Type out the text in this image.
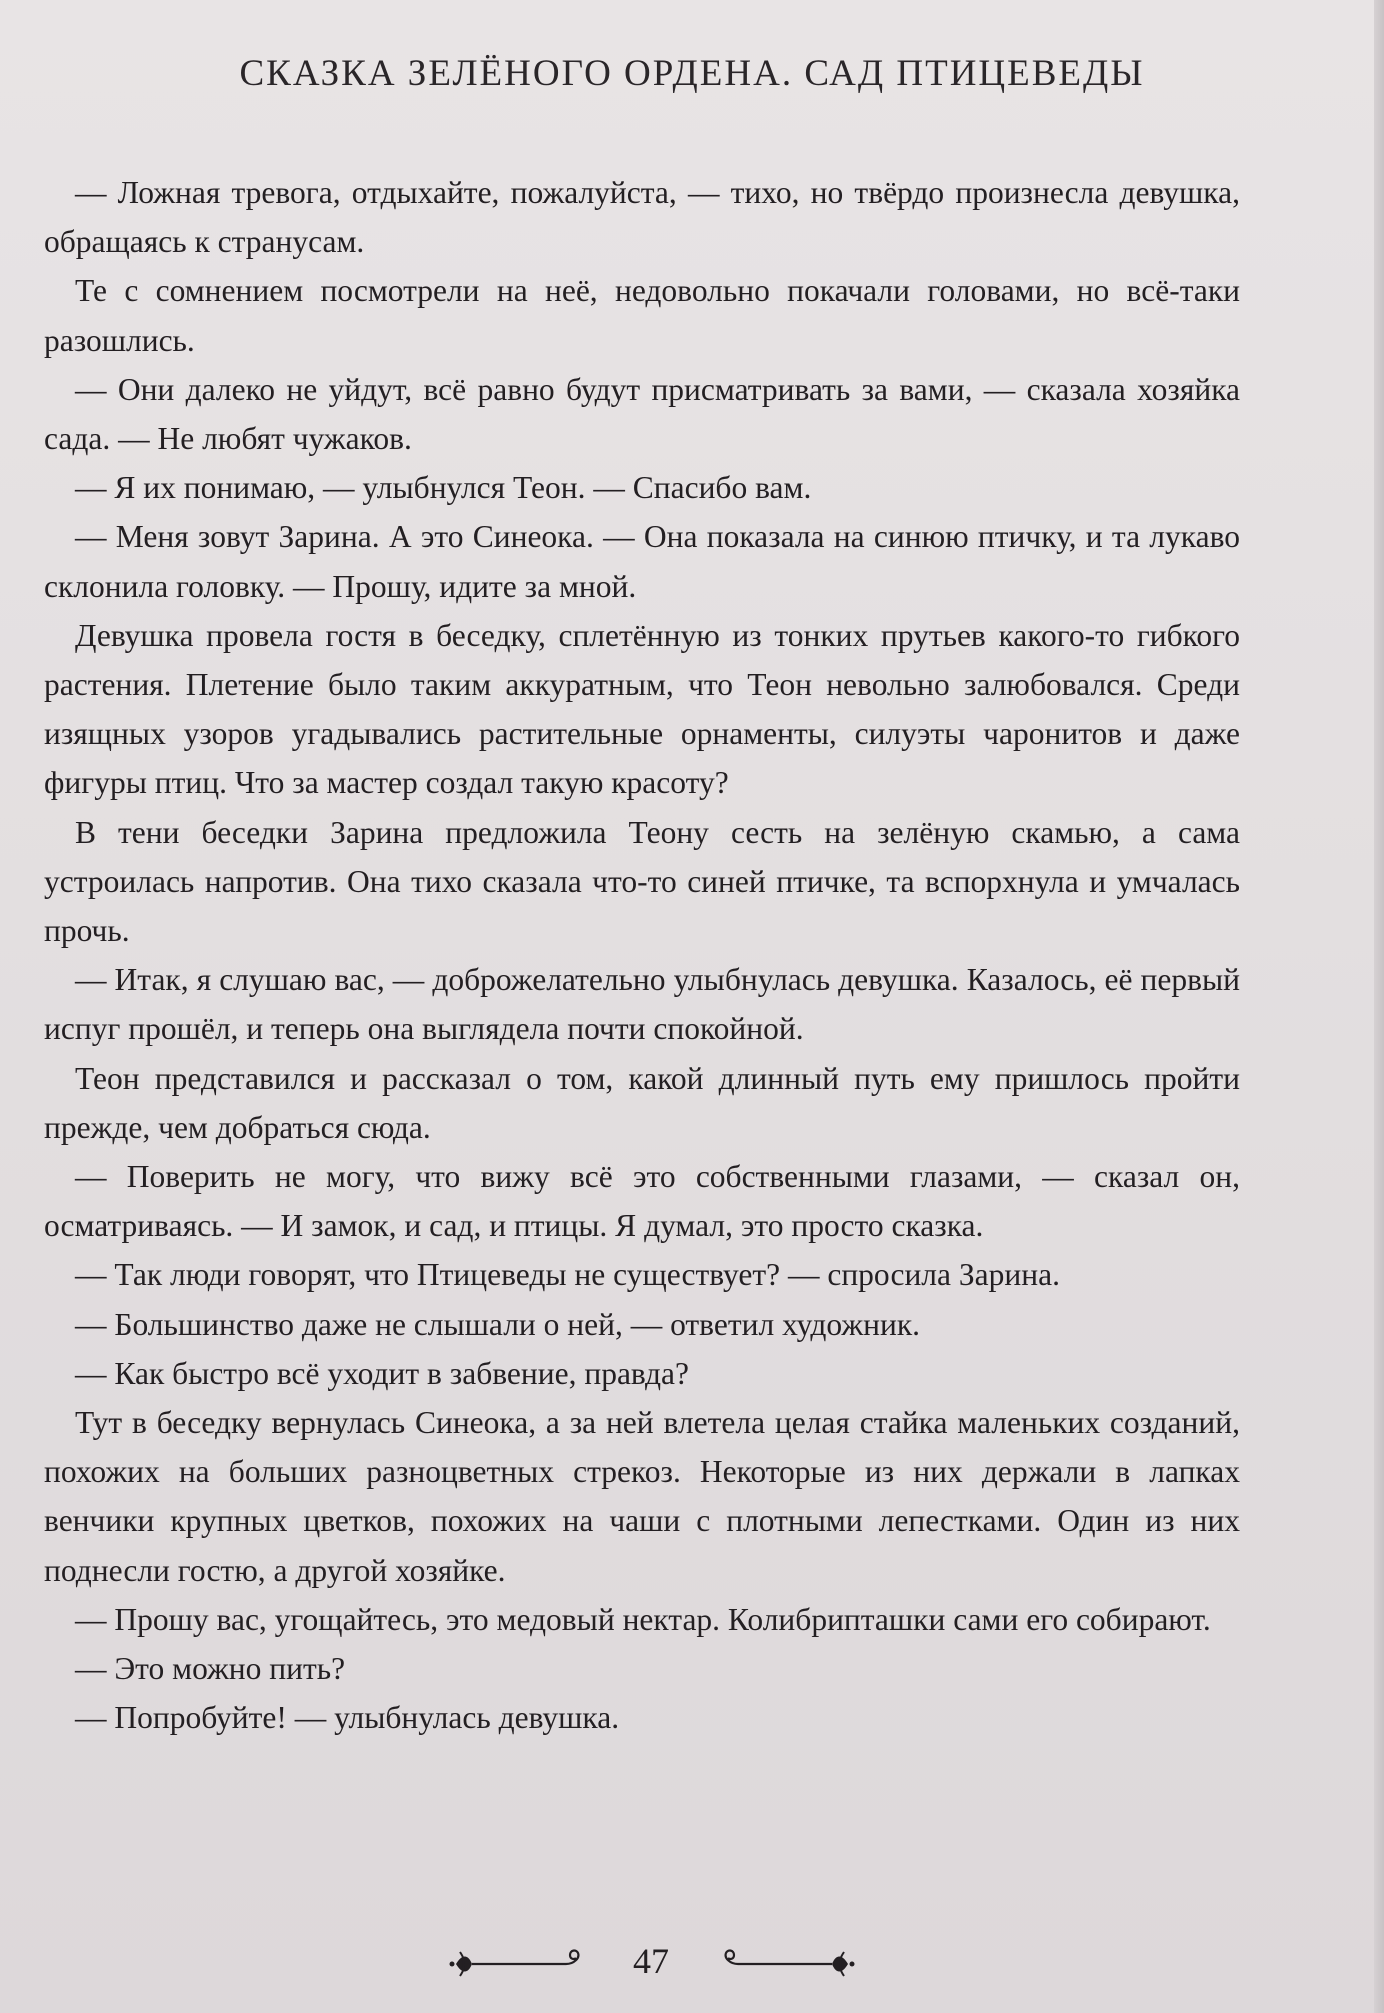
СКАЗКА ЗЕЛЁНОГО ОРДЕНА. САД ПТИЦЕВЕДЫ

— Ложная тревога, отдыхайте, пожалуйста, — тихо, но твёрдо произнесла девушка, обращаясь к странусам.

Те с сомнением посмотрели на неё, недовольно покачали головами, но всё-таки разошлись.

— Они далеко не уйдут, всё равно будут присматривать за вами, — сказала хозяйка сада. — Не любят чужаков.

— Я их понимаю, — улыбнулся Теон. — Спасибо вам.

— Меня зовут Зарина. А это Синеока. — Она показала на синюю птичку, и та лукаво склонила головку. — Прошу, идите за мной.

Девушка провела гостя в беседку, сплетённую из тонких прутьев какого-то гибкого растения. Плетение было таким аккуратным, что Теон невольно залюбовался. Среди изящных узоров угадывались растительные орнаменты, силуэты чаронитов и даже фигуры птиц. Что за мастер создал такую красоту?

В тени беседки Зарина предложила Теону сесть на зелёную скамью, а сама устроилась напротив. Она тихо сказала что-то синей птичке, та вспорхнула и умчалась прочь.

— Итак, я слушаю вас, — доброжелательно улыбнулась девушка. Казалось, её первый испуг прошёл, и теперь она выглядела почти спокойной.

Теон представился и рассказал о том, какой длинный путь ему пришлось пройти прежде, чем добраться сюда.

— Поверить не могу, что вижу всё это собственными глазами, — сказал он, осматриваясь. — И замок, и сад, и птицы. Я думал, это просто сказка.

— Так люди говорят, что Птицеведы не существует? — спросила Зарина.

— Большинство даже не слышали о ней, — ответил художник.

— Как быстро всё уходит в забвение, правда?

Тут в беседку вернулась Синеока, а за ней влетела целая стайка маленьких созданий, похожих на больших разноцветных стрекоз. Некоторые из них держали в лапках венчики крупных цветков, похожих на чаши с плотными лепестками. Один из них поднесли гостю, а другой хозяйке.

— Прошу вас, угощайтесь, это медовый нектар. Колибрипташки сами его собирают.

— Это можно пить?

— Попробуйте! — улыбнулась девушка.

47
